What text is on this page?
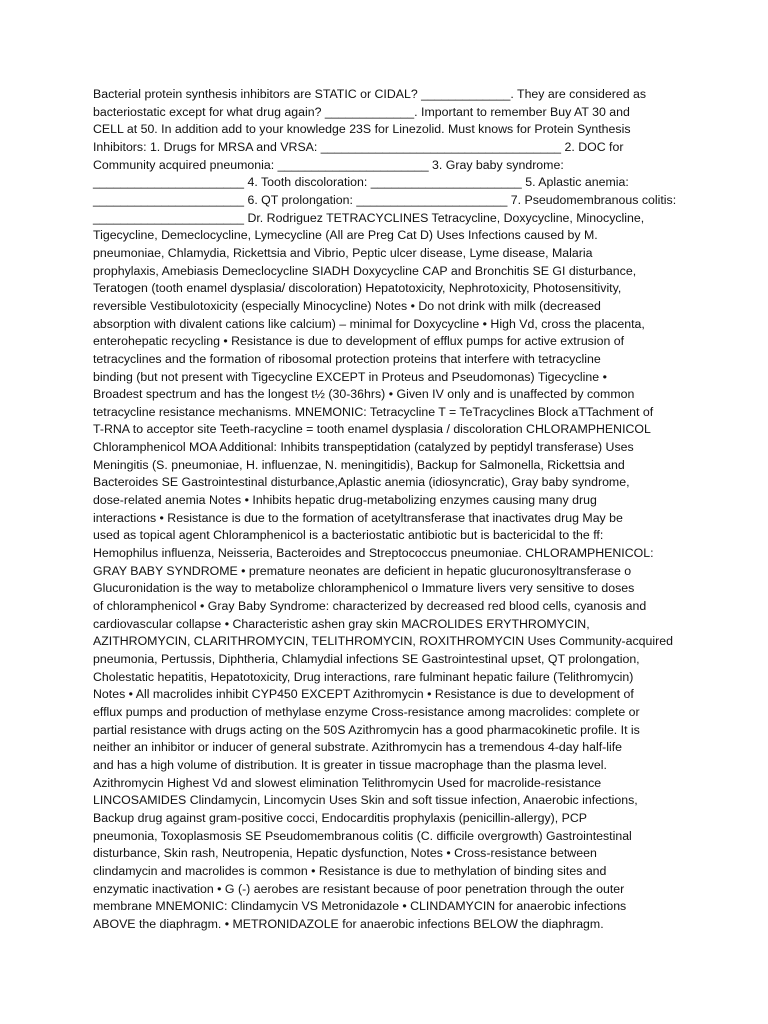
Bacterial protein synthesis inhibitors are STATIC or CIDAL? _____________. They are considered as
bacteriostatic except for what drug again? _____________. Important to remember Buy AT 30 and
CELL at 50. In addition add to your knowledge 23S for Linezolid. Must knows for Protein Synthesis
Inhibitors: 1. Drugs for MRSA and VRSA: ___________________________________ 2. DOC for
Community acquired pneumonia: ______________________ 3. Gray baby syndrome:
______________________ 4. Tooth discoloration: ______________________ 5. Aplastic anemia:
______________________ 6. QT prolongation: ______________________ 7. Pseudomembranous colitis:
______________________ Dr. Rodriguez TETRACYCLINES Tetracycline, Doxycycline, Minocycline,
Tigecycline, Demeclocycline, Lymecycline (All are Preg Cat D) Uses Infections caused by M.
pneumoniae, Chlamydia, Rickettsia and Vibrio, Peptic ulcer disease, Lyme disease, Malaria
prophylaxis, Amebiasis Demeclocycline SIADH Doxycycline CAP and Bronchitis SE GI disturbance,
Teratogen (tooth enamel dysplasia/ discoloration) Hepatotoxicity, Nephrotoxicity, Photosensitivity,
reversible Vestibulotoxicity (especially Minocycline) Notes • Do not drink with milk (decreased
absorption with divalent cations like calcium) – minimal for Doxycycline • High Vd, cross the placenta,
enterohepatic recycling • Resistance is due to development of efflux pumps for active extrusion of
tetracyclines and the formation of ribosomal protection proteins that interfere with tetracycline
binding (but not present with Tigecycline EXCEPT in Proteus and Pseudomonas) Tigecycline •
Broadest spectrum and has the longest t½ (30-36hrs) • Given IV only and is unaffected by common
tetracycline resistance mechanisms. MNEMONIC: Tetracycline T = TeTracyclines Block aTTachment of
T-RNA to acceptor site Teeth-racycline = tooth enamel dysplasia / discoloration CHLORAMPHENICOL
Chloramphenicol MOA Additional: Inhibits transpeptidation (catalyzed by peptidyl transferase) Uses
Meningitis (S. pneumoniae, H. influenzae, N. meningitidis), Backup for Salmonella, Rickettsia and
Bacteroides SE Gastrointestinal disturbance,Aplastic anemia (idiosyncratic), Gray baby syndrome,
dose-related anemia Notes • Inhibits hepatic drug-metabolizing enzymes causing many drug
interactions • Resistance is due to the formation of acetyltransferase that inactivates drug May be
used as topical agent Chloramphenicol is a bacteriostatic antibiotic but is bactericidal to the ff:
Hemophilus influenza, Neisseria, Bacteroides and Streptococcus pneumoniae. CHLORAMPHENICOL:
GRAY BABY SYNDROME • premature neonates are deficient in hepatic glucuronosyltransferase o
Glucuronidation is the way to metabolize chloramphenicol o Immature livers very sensitive to doses
of chloramphenicol • Gray Baby Syndrome: characterized by decreased red blood cells, cyanosis and
cardiovascular collapse • Characteristic ashen gray skin MACROLIDES ERYTHROMYCIN,
AZITHROMYCIN, CLARITHROMYCIN, TELITHROMYCIN, ROXITHROMYCIN Uses Community-acquired
pneumonia, Pertussis, Diphtheria, Chlamydial infections SE Gastrointestinal upset, QT prolongation,
Cholestatic hepatitis, Hepatotoxicity, Drug interactions, rare fulminant hepatic failure (Telithromycin)
Notes • All macrolides inhibit CYP450 EXCEPT Azithromycin • Resistance is due to development of
efflux pumps and production of methylase enzyme Cross-resistance among macrolides: complete or
partial resistance with drugs acting on the 50S Azithromycin has a good pharmacokinetic profile. It is
neither an inhibitor or inducer of general substrate. Azithromycin has a tremendous 4-day half-life
and has a high volume of distribution. It is greater in tissue macrophage than the plasma level.
Azithromycin Highest Vd and slowest elimination Telithromycin Used for macrolide-resistance
LINCOSAMIDES Clindamycin, Lincomycin Uses Skin and soft tissue infection, Anaerobic infections,
Backup drug against gram-positive cocci, Endocarditis prophylaxis (penicillin-allergy), PCP
pneumonia, Toxoplasmosis SE Pseudomembranous colitis (C. difficile overgrowth) Gastrointestinal
disturbance, Skin rash, Neutropenia, Hepatic dysfunction, Notes • Cross-resistance between
clindamycin and macrolides is common • Resistance is due to methylation of binding sites and
enzymatic inactivation • G (-) aerobes are resistant because of poor penetration through the outer
membrane MNEMONIC: Clindamycin VS Metronidazole • CLINDAMYCIN for anaerobic infections
ABOVE the diaphragm. • METRONIDAZOLE for anaerobic infections BELOW the diaphragm.
